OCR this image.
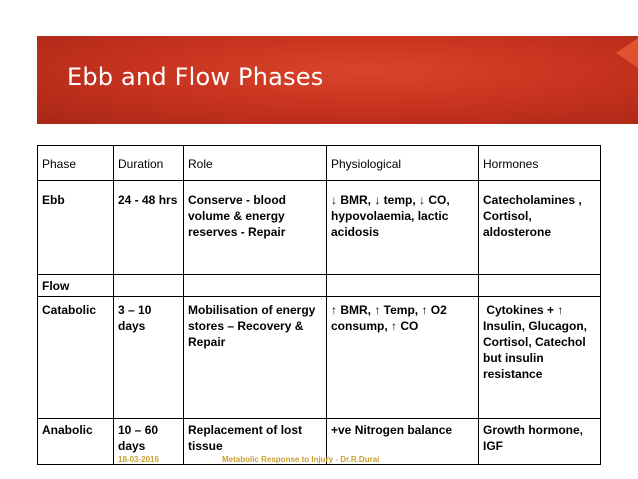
Ebb and Flow Phases
Phase	Duration	Role	Physiological	Hormones
Ebb	24 - 48 hrs	Conserve - blood volume & energy reserves - Repair	↓ BMR, ↓ temp, ↓ CO, hypovolaemia, lactic acidosis	Catecholamines , Cortisol, aldosterone
Flow				
Catabolic	3 – 10 days	Mobilisation of energy stores – Recovery & Repair	↑ BMR, ↑ Temp, ↑ O2 consump, ↑ CO	Cytokines + ↑ Insulin, Glucagon, Cortisol, Catechol but insulin resistance
Anabolic	10 – 60 days	Replacement of lost tissue	+ve Nitrogen balance	Growth hormone, IGF
18-03-2016	Metabolic Response to Injury - Dr.R.Durai
